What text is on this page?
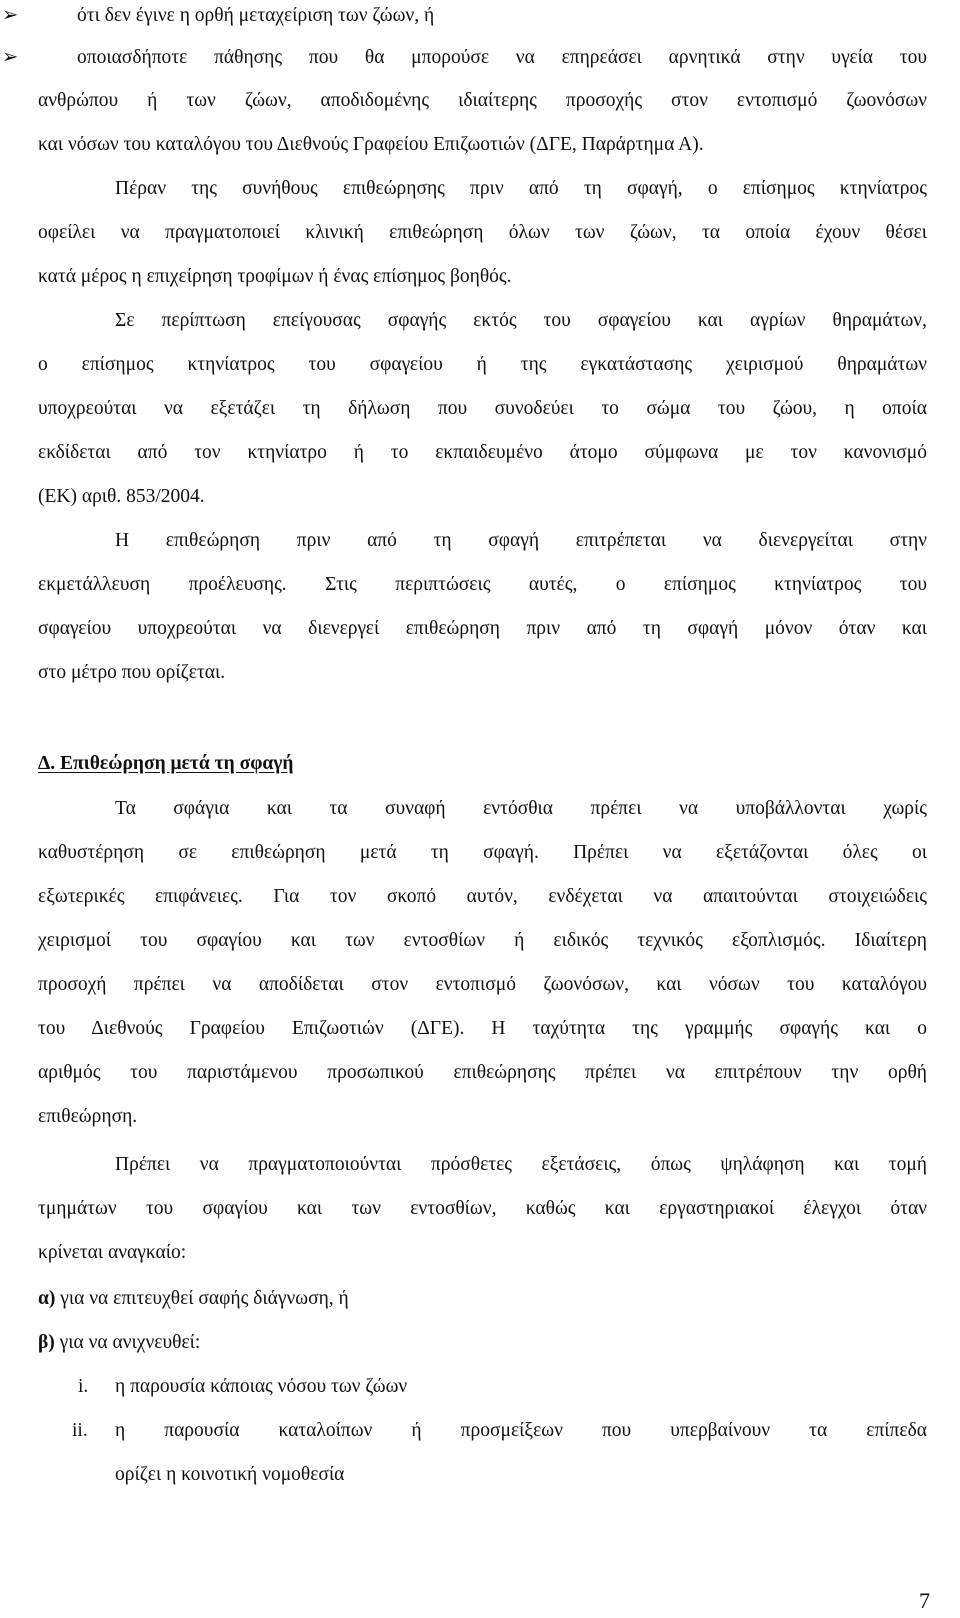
➢	ότι δεν έγινε η ορθή μεταχείριση των ζώων, ή
➢	οποιασδήποτε πάθησης που θα μπορούσε να επηρεάσει αρνητικά στην υγεία του
ανθρώπου ή των ζώων, αποδιδομένης ιδιαίτερης προσοχής στον εντοπισμό ζωονόσων
και νόσων του καταλόγου του Διεθνούς Γραφείου Επιζωοτιών (ΔΓΕ, Παράρτημα Α).
Πέραν της συνήθους επιθεώρησης πριν από τη σφαγή, ο επίσημος κτηνίατρος
οφείλει να πραγματοποιεί κλινική επιθεώρηση όλων των ζώων, τα οποία έχουν θέσει
κατά μέρος η επιχείρηση τροφίμων ή ένας επίσημος βοηθός.
Σε περίπτωση επείγουσας σφαγής εκτός του σφαγείου και αγρίων θηραμάτων,
ο επίσημος κτηνίατρος του σφαγείου ή της εγκατάστασης χειρισμού θηραμάτων
υποχρεούται να εξετάζει τη δήλωση που συνοδεύει το σώμα του ζώου, η οποία
εκδίδεται από τον κτηνίατρο ή το εκπαιδευμένο άτομο σύμφωνα με τον κανονισμό
(ΕΚ) αριθ. 853/2004.
Η επιθεώρηση πριν από τη σφαγή επιτρέπεται να διενεργείται στην
εκμετάλλευση προέλευσης. Στις περιπτώσεις αυτές, ο επίσημος κτηνίατρος του
σφαγείου υποχρεούται να διενεργεί επιθεώρηση πριν από τη σφαγή μόνον όταν και
στο μέτρο που ορίζεται.
Δ. Επιθεώρηση μετά τη σφαγή
Τα σφάγια και τα συναφή εντόσθια πρέπει να υποβάλλονται χωρίς
καθυστέρηση σε επιθεώρηση μετά τη σφαγή. Πρέπει να εξετάζονται όλες οι
εξωτερικές επιφάνειες. Για τον σκοπό αυτόν, ενδέχεται να απαιτούνται στοιχειώδεις
χειρισμοί του σφαγίου και των εντοσθίων ή ειδικός τεχνικός εξοπλισμός. Ιδιαίτερη
προσοχή πρέπει να αποδίδεται στον εντοπισμό ζωονόσων, και νόσων του καταλόγου
του Διεθνούς Γραφείου Επιζωοτιών (ΔΓΕ). Η ταχύτητα της γραμμής σφαγής και ο
αριθμός του παριστάμενου προσωπικού επιθεώρησης πρέπει να επιτρέπουν την ορθή
επιθεώρηση.
Πρέπει να πραγματοποιούνται πρόσθετες εξετάσεις, όπως ψηλάφηση και τομή
τμημάτων του σφαγίου και των εντοσθίων, καθώς και εργαστηριακοί έλεγχοι όταν
κρίνεται αναγκαίο:
α) για να επιτευχθεί σαφής διάγνωση, ή
β) για να ανιχνευθεί:
i. η παρουσία κάποιας νόσου των ζώων
ii. η παρουσία καταλοίπων ή προσμείξεων που υπερβαίνουν τα επίπεδα
ορίζει η κοινοτική νομοθεσία
7
